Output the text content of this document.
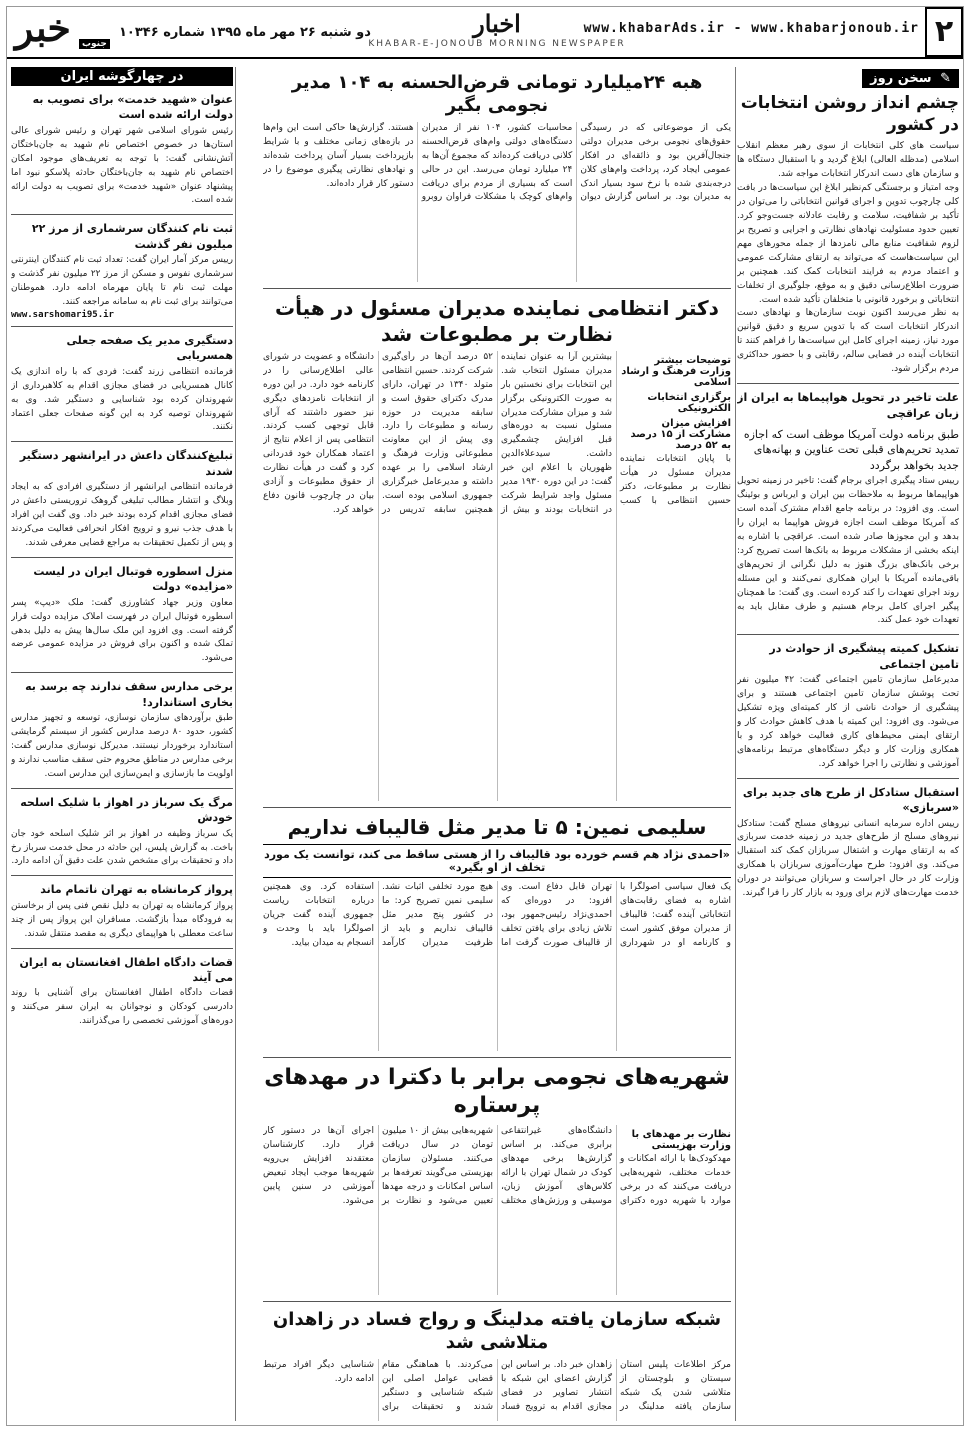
۲
www.khabarAds.ir - www.khabarjonoub.ir
اخبار
KHABAR-E-JONOUB MORNING NEWSPAPER
دو شنبه ۲۶ مهر ماه ۱۳۹۵ شماره ۱۰۳۴۶
خبر	جنوب
✎ سخن روز
چشم انداز روشن انتخابات در کشور

سیاست های کلی انتخابات از سوی رهبر معظم انقلاب اسلامی (مدظله العالی) ابلاغ گردید و با استقبال دستگاه ها و سازمان های دست اندرکار انتخابات مواجه شد.

وجه امتیاز و برجستگی کم‌نظیر ابلاغ این سیاست‌ها در بافت کلی چارچوب تدوین و اجرای قوانین انتخاباتی را می‌توان در تأکید بر شفافیت، سلامت و رقابت عادلانه جست‌وجو کرد. تعیین حدود مسئولیت نهادهای نظارتی و اجرایی و تصریح بر لزوم شفافیت منابع مالی نامزدها از جمله محورهای مهم این سیاست‌هاست که می‌تواند به ارتقای مشارکت عمومی و اعتماد مردم به فرایند انتخابات کمک کند. همچنین بر ضرورت اطلاع‌رسانی دقیق و به موقع، جلوگیری از تخلفات انتخاباتی و برخورد قانونی با متخلفان تأکید شده است.

به نظر می‌رسد اکنون نوبت سازمان‌ها و نهادهای دست اندرکار انتخابات است که با تدوین سریع و دقیق قوانین مورد نیاز، زمینه اجرای کامل این سیاست‌ها را فراهم کنند تا انتخابات آینده در فضایی سالم، رقابتی و با حضور حداکثری مردم برگزار شود.

علت تاخیر در تحویل هواپیماها به ایران از زبان عراقچی
طبق برنامه دولت آمریکا موظف است که اجازه تمدید تحریم‌های قبلی تحت عناوین و بهانه‌های جدید بخواهد برگردد

رییس ستاد پیگیری اجرای برجام گفت: تاخیر در زمینه تحویل هواپیماها مربوط به ملاحظات بین ایران و ایرباس و بوئینگ است. وی افزود: در برنامه جامع اقدام مشترک آمده است که آمریکا موظف است اجازه فروش هواپیما به ایران را بدهد و این مجوزها صادر شده است. عراقچی با اشاره به اینکه بخشی از مشکلات مربوط به بانک‌ها است تصریح کرد: برخی بانک‌های بزرگ هنوز به دلیل نگرانی از تحریم‌های باقی‌مانده آمریکا با ایران همکاری نمی‌کنند و این مسئله روند اجرای تعهدات را کند کرده است. وی گفت: ما همچنان پیگیر اجرای کامل برجام هستیم و طرف مقابل باید به تعهدات خود عمل کند.

تشکیل کمیته پیشگیری از حوادث در تامین اجتماعی

مدیرعامل سازمان تامین اجتماعی گفت: ۴۲ میلیون نفر تحت پوشش سازمان تامین اجتماعی هستند و برای پیشگیری از حوادث ناشی از کار کمیته‌ای ویژه تشکیل می‌شود. وی افزود: این کمیته با هدف کاهش حوادث کار و ارتقای ایمنی محیط‌های کاری فعالیت خواهد کرد و با همکاری وزارت کار و دیگر دستگاه‌های مرتبط برنامه‌های آموزشی و نظارتی را اجرا خواهد کرد.

استقبال ستادکل از طرح های جدید برای «سربازی»

رییس اداره سرمایه انسانی نیروهای مسلح گفت: ستادکل نیروهای مسلح از طرح‌های جدید در زمینه خدمت سربازی که به ارتقای مهارت و اشتغال سربازان کمک کند استقبال می‌کند. وی افزود: طرح مهارت‌آموزی سربازان با همکاری وزارت کار در حال اجراست و سربازان می‌توانند در دوران خدمت مهارت‌های لازم برای ورود به بازار کار را فرا گیرند.

هبه ۲۴میلیارد تومانی قرض‌الحسنه به ۱۰۴ مدیر نجومی بگیر

یکی از موضوعاتی که در رسیدگی حقوق‌های نجومی برخی مدیران دولتی جنجال‌آفرین بود و ذائقه‌ای در افکار عمومی ایجاد کرد، پرداخت وام‌های کلان درجه‌بندی شده با نرخ سود بسیار اندک به مدیران بود. بر اساس گزارش دیوان محاسبات کشور، ۱۰۴ نفر از مدیران دستگاه‌های دولتی وام‌های قرض‌الحسنه کلانی دریافت کرده‌اند که مجموع آن‌ها به ۲۴ میلیارد تومان می‌رسد. این در حالی است که بسیاری از مردم برای دریافت وام‌های کوچک با مشکلات فراوان روبرو هستند. گزارش‌ها حاکی است این وام‌ها در بازه‌های زمانی مختلف و با شرایط بازپرداخت بسیار آسان پرداخت شده‌اند و نهادهای نظارتی پیگیری موضوع را در دستور کار قرار داده‌اند.

دکتر انتظامی نماینده مدیران مسئول در هیأت نظارت بر مطبوعات شد
توضیحات بیشتر وزارت فرهنگ و ارشاد اسلامی
برگزاری انتخابات الکترونیکی
افزایش میزان مشارکت از ۱۵ درصد به ۵۲ درصد

با پایان انتخابات نماینده مدیران مسئول در هیأت نظارت بر مطبوعات، دکتر حسین انتظامی با کسب بیشترین آرا به عنوان نماینده مدیران مسئول انتخاب شد. این انتخابات برای نخستین بار به صورت الکترونیکی برگزار شد و میزان مشارکت مدیران مسئول نسبت به دوره‌های قبل افزایش چشمگیری داشت. سیدعلاءالدین ظهوریان با اعلام این خبر گفت: در این دوره ۱۹۳۰ مدیر مسئول واجد شرایط شرکت در انتخابات بودند و بیش از ۵۲ درصد آن‌ها در رأی‌گیری شرکت کردند. حسین انتظامی متولد ۱۳۴۰ در تهران، دارای مدرک دکترای حقوق است و سابقه مدیریت در حوزه رسانه و مطبوعات را دارد. وی پیش از این معاونت مطبوعاتی وزارت فرهنگ و ارشاد اسلامی را بر عهده داشته و مدیرعامل خبرگزاری جمهوری اسلامی بوده است. همچنین سابقه تدریس در دانشگاه و عضویت در شورای عالی اطلاع‌رسانی را در کارنامه خود دارد. در این دوره از انتخابات نامزدهای دیگری نیز حضور داشتند که آرای قابل توجهی کسب کردند. انتظامی پس از اعلام نتایج از اعتماد همکاران خود قدردانی کرد و گفت در هیأت نظارت از حقوق مطبوعات و آزادی بیان در چارچوب قانون دفاع خواهد کرد.

سلیمی نمین: ۵ تا مدیر مثل قالیباف نداریم
«احمدی نژاد هم قسم خورده بود قالیباف را از هستی ساقط می کند، توانست یک مورد تخلف از او بگیرد»

یک فعال سیاسی اصولگرا با اشاره به فضای رقابت‌های انتخاباتی آینده گفت: قالیباف از مدیران موفق کشور است و کارنامه او در شهرداری تهران قابل دفاع است. وی افزود: در دوره‌ای که احمدی‌نژاد رئیس‌جمهور بود، تلاش زیادی برای یافتن تخلف از قالیباف صورت گرفت اما هیچ مورد تخلفی اثبات نشد. سلیمی نمین تصریح کرد: ما در کشور پنج مدیر مثل قالیباف نداریم و باید از ظرفیت مدیران کارآمد استفاده کرد. وی همچنین درباره انتخابات ریاست جمهوری آینده گفت جریان اصولگرا باید با وحدت و انسجام به میدان بیاید.

شهریه‌های نجومی برابر با دکترا در مهدهای پرستاره
نظارت بر مهدهای با وزارت بهزیستی

مهدکودک‌ها با ارائه امکانات و خدمات مختلف، شهریه‌هایی دریافت می‌کنند که در برخی موارد با شهریه دوره دکترای دانشگاه‌های غیرانتفاعی برابری می‌کند. بر اساس گزارش‌ها برخی مهدهای کودک در شمال تهران با ارائه کلاس‌های آموزش زبان، موسیقی و ورزش‌های مختلف شهریه‌هایی بیش از ۱۰ میلیون تومان در سال دریافت می‌کنند. مسئولان سازمان بهزیستی می‌گویند تعرفه‌ها بر اساس امکانات و درجه مهدها تعیین می‌شود و نظارت بر اجرای آن‌ها در دستور کار قرار دارد. کارشناسان معتقدند افزایش بی‌رویه شهریه‌ها موجب ایجاد تبعیض آموزشی در سنین پایین می‌شود.

شبکه سازمان یافته مدلینگ و رواج فساد در زاهدان متلاشی شد

مرکز اطلاعات پلیس استان سیستان و بلوچستان از متلاشی شدن یک شبکه سازمان یافته مدلینگ در زاهدان خبر داد. بر اساس این گزارش اعضای این شبکه با انتشار تصاویر در فضای مجازی اقدام به ترویج فساد می‌کردند. با هماهنگی مقام قضایی عوامل اصلی این شبکه شناسایی و دستگیر شدند و تحقیقات برای شناسایی دیگر افراد مرتبط ادامه دارد.

در چهارگوشه ایران
عنوان «شهید خدمت» برای تصویب به دولت ارائه شده است

رئیس شورای اسلامی شهر تهران و رئیس شورای عالی استان‌ها در خصوص اختصاص نام شهید به جان‌باختگان آتش‌نشانی گفت: با توجه به تعریف‌های موجود امکان اختصاص نام شهید به جان‌باختگان حادثه پلاسکو نبود اما پیشنهاد عنوان «شهید خدمت» برای تصویب به دولت ارائه شده است.

ثبت نام کنندگان سرشماری از مرز ۲۲ میلیون نفر گذشت

رییس مرکز آمار ایران گفت: تعداد ثبت نام کنندگان اینترنتی سرشماری نفوس و مسکن از مرز ۲۲ میلیون نفر گذشت و مهلت ثبت نام تا پایان مهرماه ادامه دارد. هموطنان می‌توانند برای ثبت نام به سامانه مراجعه کنند.

www.sarshomari95.ir
دستگیری مدیر یک صفحه جعلی همسریابی

فرمانده انتظامی زرند گفت: فردی که با راه اندازی یک کانال همسریابی در فضای مجازی اقدام به کلاهبرداری از شهروندان کرده بود شناسایی و دستگیر شد. وی به شهروندان توصیه کرد به این گونه صفحات جعلی اعتماد نکنند.

تبلیغ‌کنندگان داعش در ایرانشهر دستگیر شدند

فرمانده انتظامی ایرانشهر از دستگیری افرادی که به ایجاد وبلاگ و انتشار مطالب تبلیغی گروهک تروریستی داعش در فضای مجازی اقدام کرده بودند خبر داد. وی گفت این افراد با هدف جذب نیرو و ترویج افکار انحرافی فعالیت می‌کردند و پس از تکمیل تحقیقات به مراجع قضایی معرفی شدند.

منزل اسطوره فوتبال ایران در لیست «مزایده» دولت

معاون وزیر جهاد کشاورزی گفت: ملک «دیپ» پسر اسطوره فوتبال ایران در فهرست املاک مزایده دولت قرار گرفته است. وی افزود این ملک سال‌ها پیش به دلیل بدهی تملک شده و اکنون برای فروش در مزایده عمومی عرضه می‌شود.

برخی مدارس سقف ندارند چه برسد به بخاری استاندارد!

طبق برآوردهای سازمان نوسازی، توسعه و تجهیز مدارس کشور، حدود ۸۰ درصد مدارس کشور از سیستم گرمایشی استاندارد برخوردار نیستند. مدیرکل نوسازی مدارس گفت: برخی مدارس در مناطق محروم حتی سقف مناسب ندارند و اولویت ما بازسازی و ایمن‌سازی این مدارس است.

مرگ یک سرباز در اهواز با شلیک اسلحه خودش

یک سرباز وظیفه در اهواز بر اثر شلیک اسلحه خود جان باخت. به گزارش پلیس، این حادثه در محل خدمت سرباز رخ داد و تحقیقات برای مشخص شدن علت دقیق آن ادامه دارد.

پرواز کرمانشاه به تهران ناتمام ماند

پرواز کرمانشاه به تهران به دلیل نقص فنی پس از برخاستن به فرودگاه مبدأ بازگشت. مسافران این پرواز پس از چند ساعت معطلی با هواپیمای دیگری به مقصد منتقل شدند.

قضات دادگاه اطفال افغانستان به ایران می آیند

قضات دادگاه اطفال افغانستان برای آشنایی با روند دادرسی کودکان و نوجوانان به ایران سفر می‌کنند و دوره‌های آموزشی تخصصی را می‌گذرانند.
